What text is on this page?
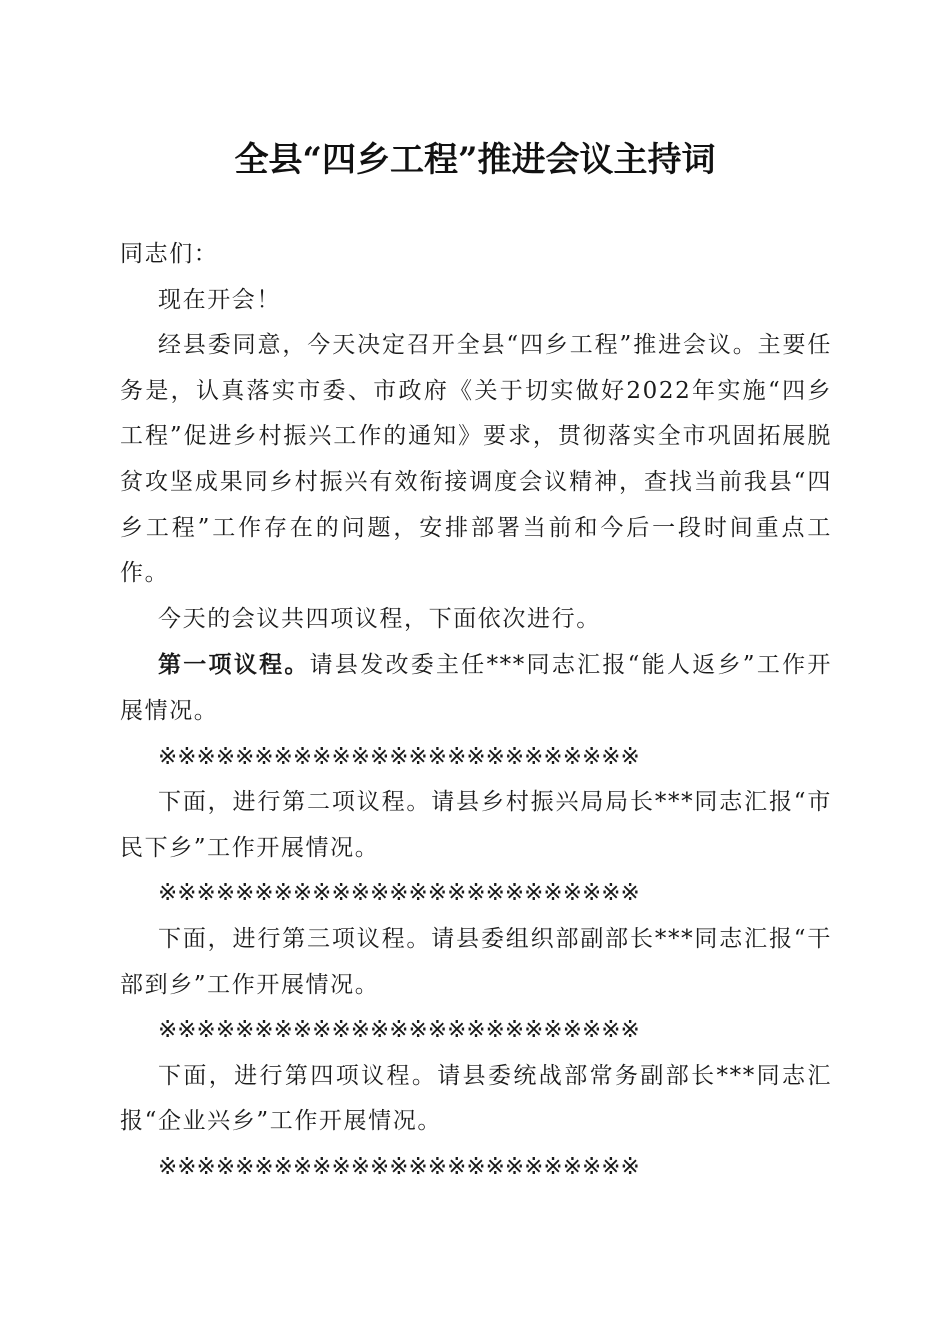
全县“四乡工程”推进会议主持词

同志们：

现在开会！

经县委同意，今天决定召开全县“四乡工程”推进会议。主要任务是，认真落实市委、市政府《关于切实做好2022年实施“四乡工程”促进乡村振兴工作的通知》要求，贯彻落实全市巩固拓展脱贫攻坚成果同乡村振兴有效衔接调度会议精神，查找当前我县“四乡工程”工作存在的问题，安排部署当前和今后一段时间重点工作。

今天的会议共四项议程，下面依次进行。

第一项议程。请县发改委主任***同志汇报“能人返乡”工作开展情况。

※※※※※※※※※※※※※※※※※※※※※※※※※

下面，进行第二项议程。请县乡村振兴局局长***同志汇报“市民下乡”工作开展情况。

※※※※※※※※※※※※※※※※※※※※※※※※※

下面，进行第三项议程。请县委组织部副部长***同志汇报“干部到乡”工作开展情况。

※※※※※※※※※※※※※※※※※※※※※※※※※

下面，进行第四项议程。请县委统战部常务副部长***同志汇报“企业兴乡”工作开展情况。

※※※※※※※※※※※※※※※※※※※※※※※※※
